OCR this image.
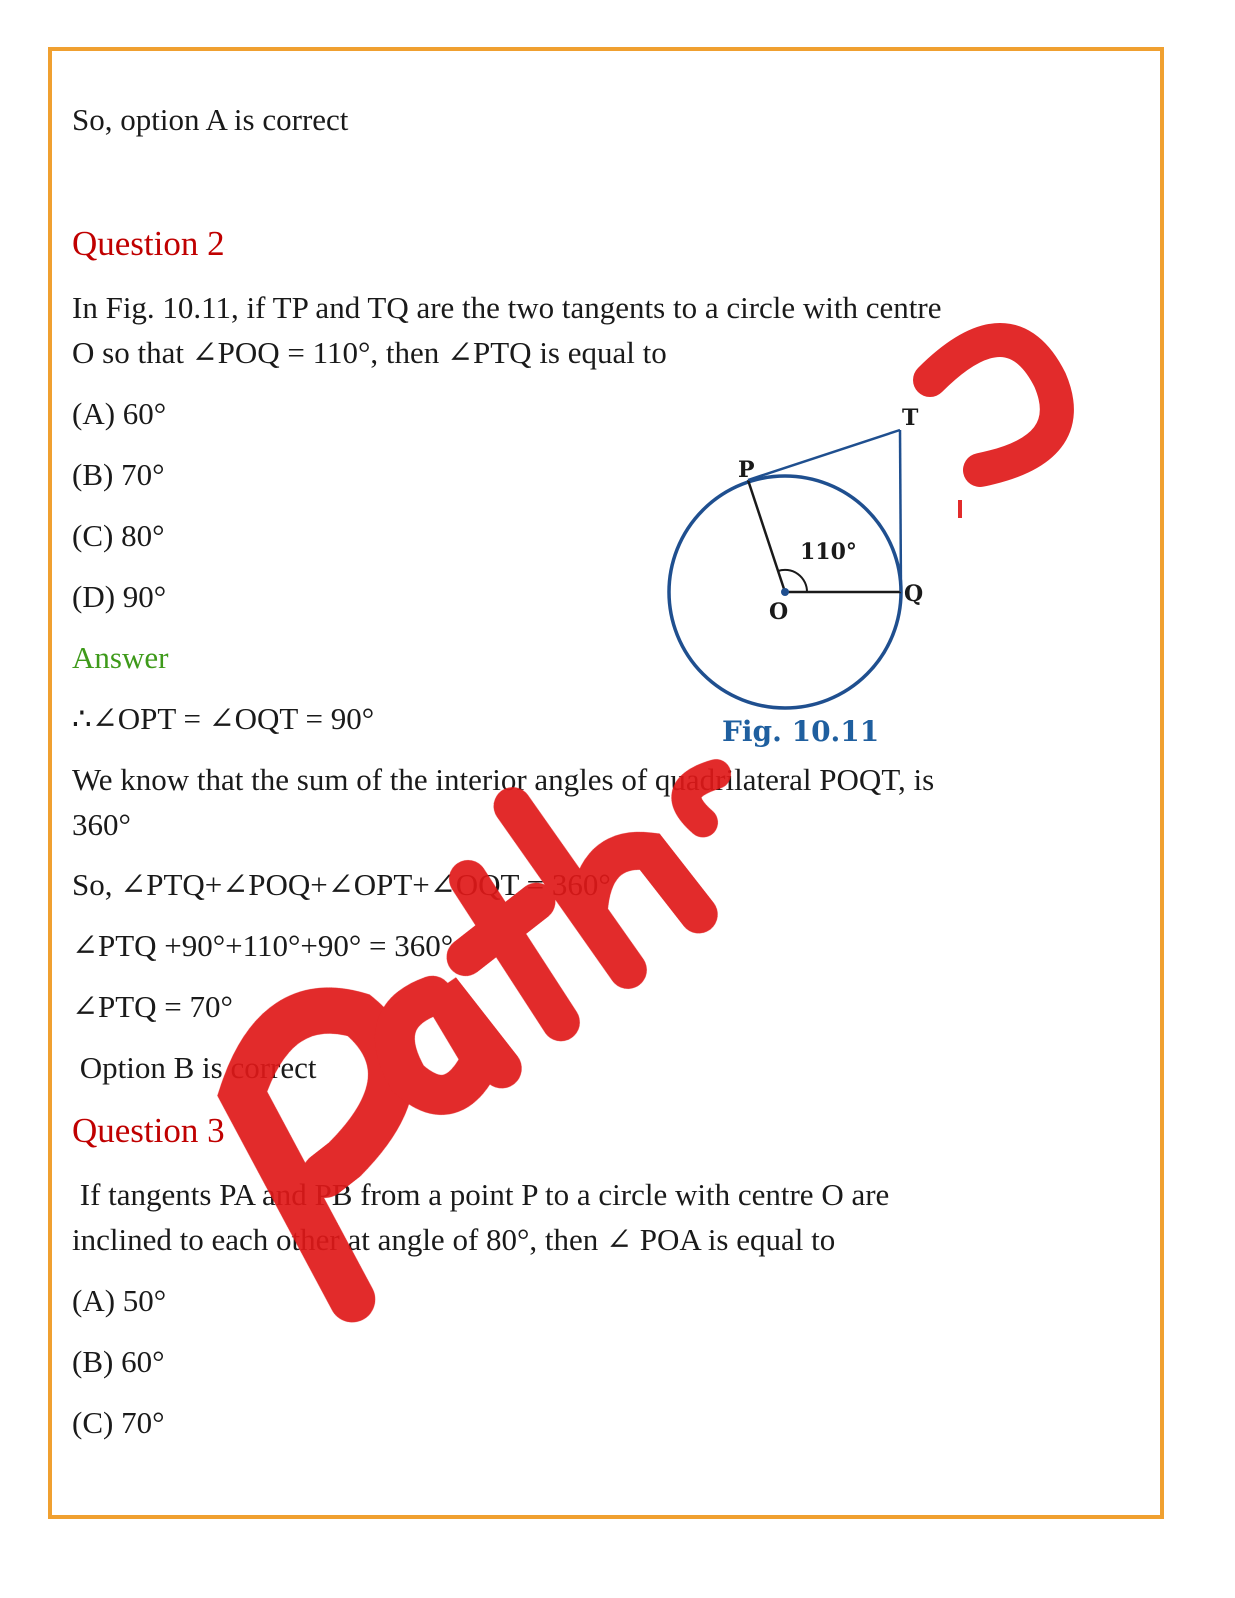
So, option A is correct
Question 2
In Fig. 10.11, if TP and TQ are the two tangents to a circle with centre
O so that ∠POQ = 110°, then ∠PTQ is equal to
(A) 60°
(B) 70°
(C) 80°
(D) 90°
Answer
∴∠OPT = ∠OQT = 90°
We know that the sum of the interior angles of quadrilateral POQT, is
360°
So, ∠PTQ+∠POQ+∠OPT+∠OQT = 360°
∠PTQ +90°+110°+90° = 360°
∠PTQ = 70°
Option B is correct
Question 3
If tangents PA and PB from a point P to a circle with centre O are
inclined to each other at angle of 80°, then ∠ POA is equal to
(A) 50°
(B) 60°
(C) 70°
P
T
O
Q
110°
Fig. 10.11
